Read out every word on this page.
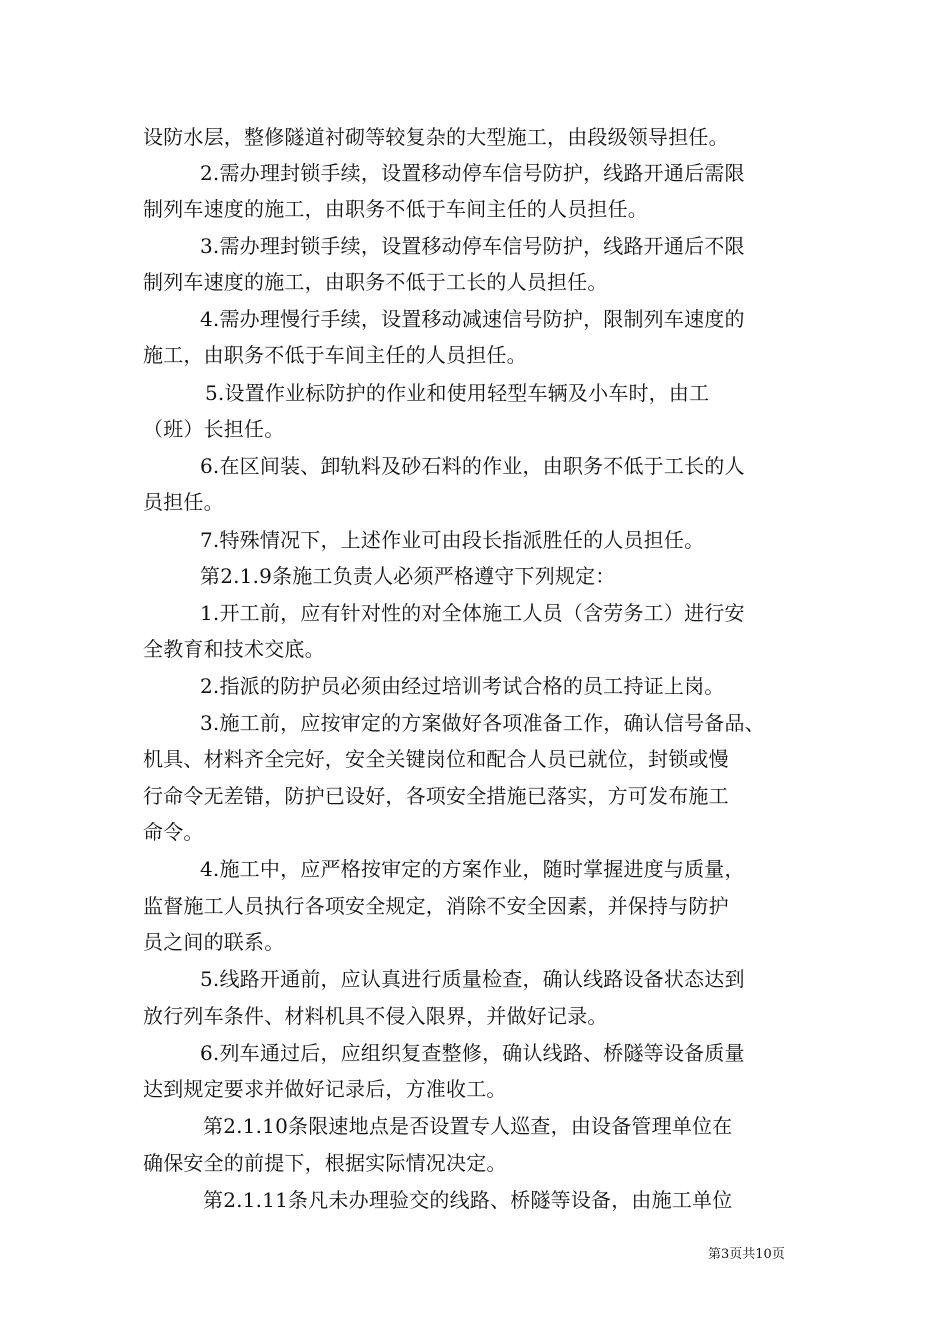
设防水层，整修隧道衬砌等较复杂的大型施工，由段级领导担任。
2.需办理封锁手续，设置移动停车信号防护，线路开通后需限
制列车速度的施工，由职务不低于车间主任的人员担任。
3.需办理封锁手续，设置移动停车信号防护，线路开通后不限
制列车速度的施工，由职务不低于工长的人员担任。
4.需办理慢行手续，设置移动减速信号防护，限制列车速度的
施工，由职务不低于车间主任的人员担任。
5.设置作业标防护的作业和使用轻型车辆及小车时，由工
（班）长担任。
6.在区间装、卸轨料及砂石料的作业，由职务不低于工长的人
员担任。
7.特殊情况下，上述作业可由段长指派胜任的人员担任。
第2.1.9条施工负责人必须严格遵守下列规定：
1.开工前，应有针对性的对全体施工人员（含劳务工）进行安
全教育和技术交底。
2.指派的防护员必须由经过培训考试合格的员工持证上岗。
3.施工前，应按审定的方案做好各项准备工作，确认信号备品、
机具、材料齐全完好，安全关键岗位和配合人员已就位，封锁或慢
行命令无差错，防护已设好，各项安全措施已落实，方可发布施工
命令。
4.施工中，应严格按审定的方案作业，随时掌握进度与质量，
监督施工人员执行各项安全规定，消除不安全因素，并保持与防护
员之间的联系。
5.线路开通前，应认真进行质量检查，确认线路设备状态达到
放行列车条件、材料机具不侵入限界，并做好记录。
6.列车通过后，应组织复查整修，确认线路、桥隧等设备质量
达到规定要求并做好记录后，方准收工。
第2.1.10条限速地点是否设置专人巡查，由设备管理单位在
确保安全的前提下，根据实际情况决定。
第2.1.11条凡未办理验交的线路、桥隧等设备，由施工单位
第3页共10页
